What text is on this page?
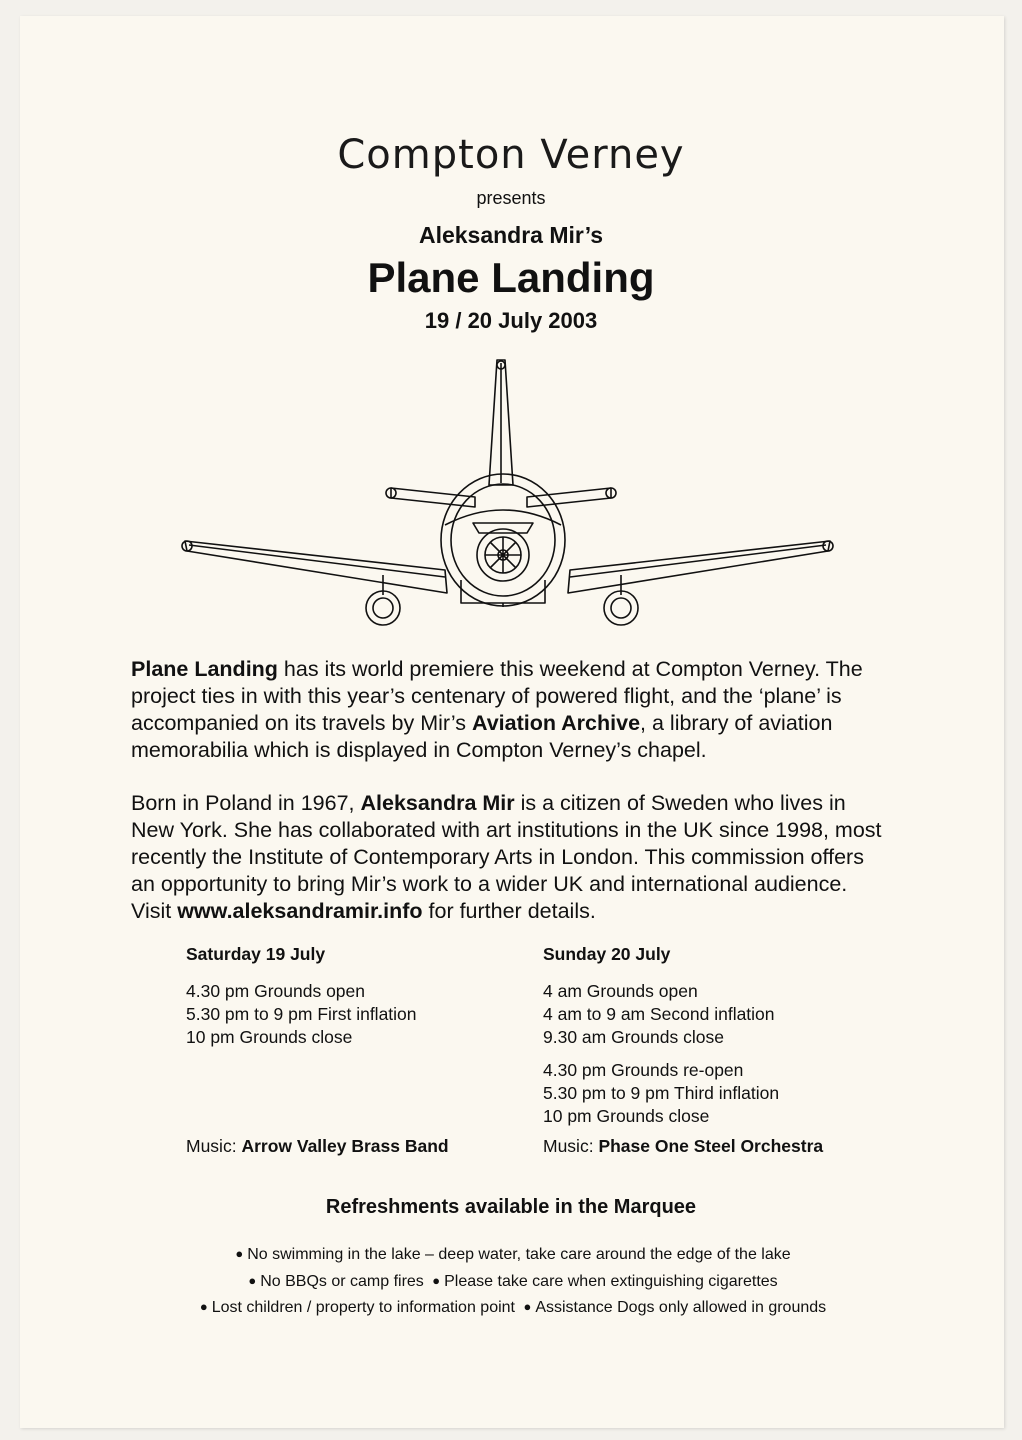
Compton Verney
presents
Aleksandra Mir’s
Plane Landing
19 / 20 July 2003
Plane Landing has its world premiere this weekend at Compton Verney. The project ties in with this year’s centenary of powered flight, and the ‘plane’ is accompanied on its travels by Mir’s Aviation Archive, a library of aviation memorabilia which is displayed in Compton Verney’s chapel.
Born in Poland in 1967, Aleksandra Mir is a citizen of Sweden who lives in New York. She has collaborated with art institutions in the UK since 1998, most recently the Institute of Contemporary Arts in London. This commission offers an opportunity to bring Mir’s work to a wider UK and international audience. Visit www.aleksandramir.info for further details.
Saturday 19 July
4.30 pm Grounds open
5.30 pm to 9 pm First inflation
10 pm Grounds close
Sunday 20 July
4 am Grounds open
4 am to 9 am Second inflation
9.30 am Grounds close
4.30 pm Grounds re-open
5.30 pm to 9 pm Third inflation
10 pm Grounds close
Music: Arrow Valley Brass Band	Music: Phase One Steel Orchestra
Refreshments available in the Marquee
● No swimming in the lake – deep water, take care around the edge of the lake
● No BBQs or camp fires ● Please take care when extinguishing cigarettes
● Lost children / property to information point ● Assistance Dogs only allowed in grounds
